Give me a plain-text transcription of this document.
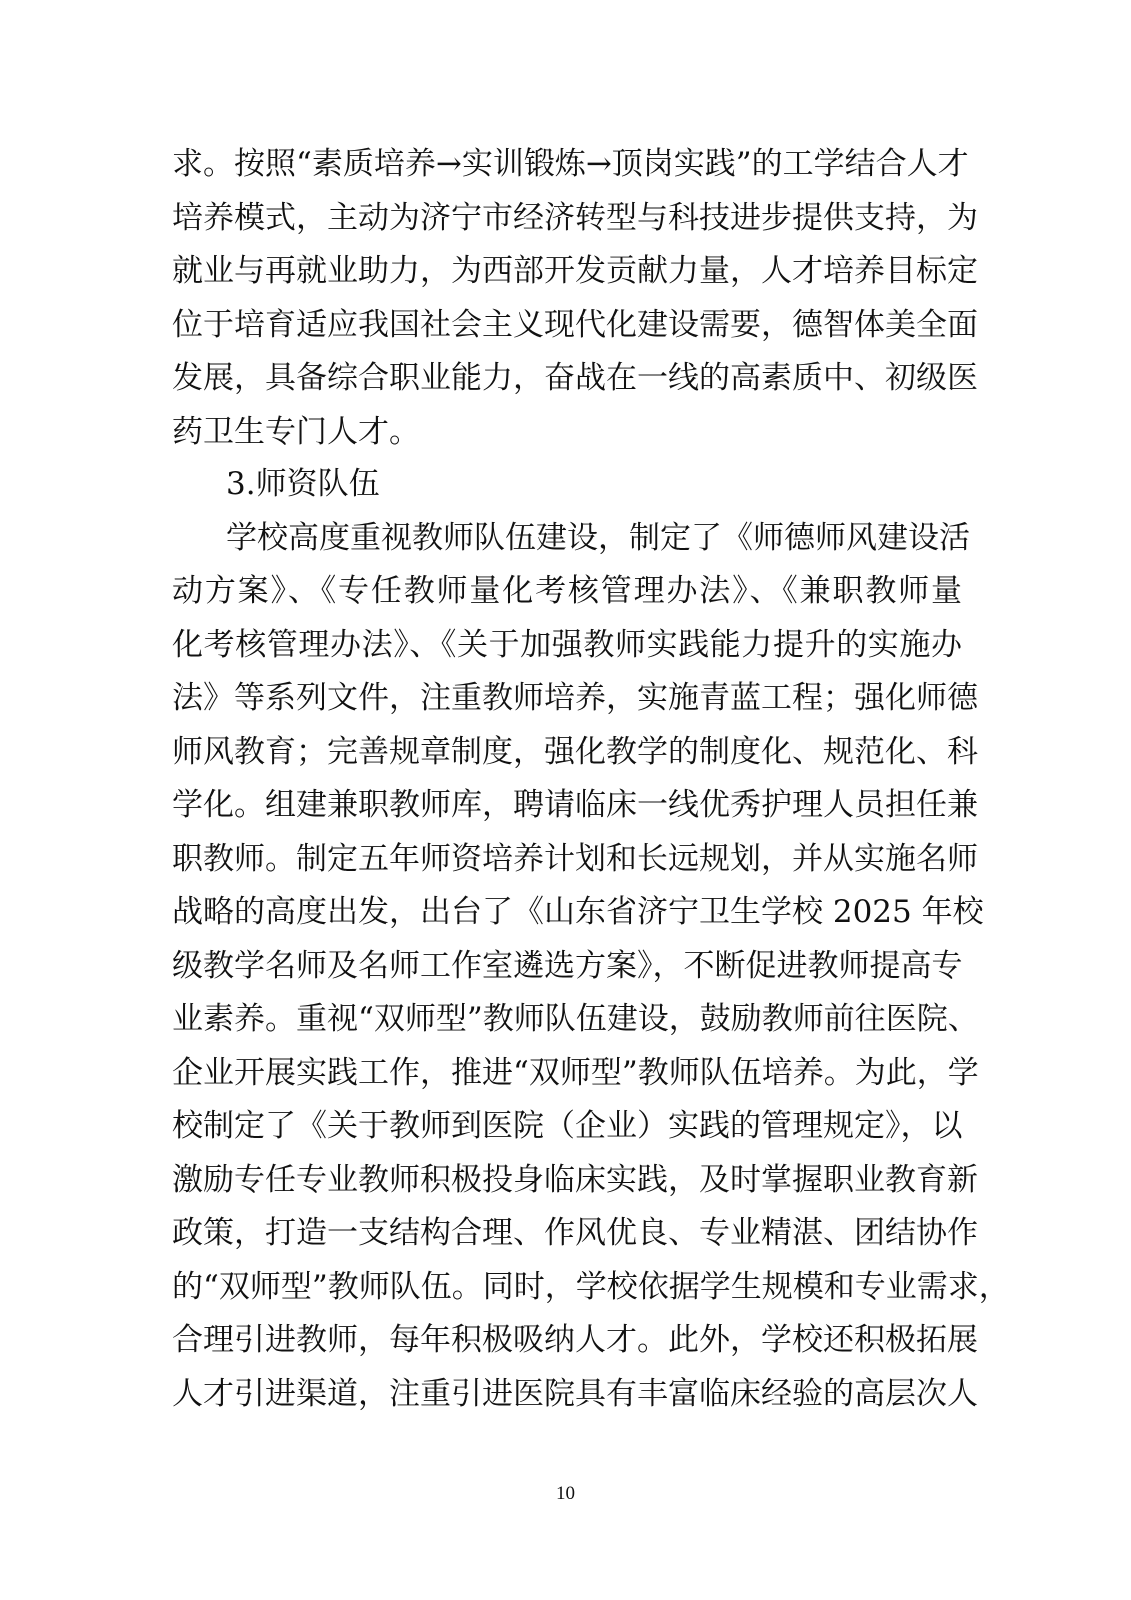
求。按照“素质培养→实训锻炼→顶岗实践”的工学结合人才
培养模式，主动为济宁市经济转型与科技进步提供支持，为
就业与再就业助力，为西部开发贡献力量，人才培养目标定
位于培育适应我国社会主义现代化建设需要，德智体美全面
发展，具备综合职业能力，奋战在一线的高素质中、初级医
药卫生专门人才。
3.师资队伍
学校高度重视教师队伍建设，制定了《师德师风建设活
动方案》、《专任教师量化考核管理办法》、《兼职教师量
化考核管理办法》、《关于加强教师实践能力提升的实施办
法》等系列文件，注重教师培养，实施青蓝工程；强化师德
师风教育；完善规章制度，强化教学的制度化、规范化、科
学化。组建兼职教师库，聘请临床一线优秀护理人员担任兼
职教师。制定五年师资培养计划和长远规划，并从实施名师
战略的高度出发，出台了《山东省济宁卫生学校 2025 年校
级教学名师及名师工作室遴选方案》，不断促进教师提高专
业素养。重视“双师型”教师队伍建设，鼓励教师前往医院、
企业开展实践工作，推进“双师型”教师队伍培养。为此，学
校制定了《关于教师到医院（企业）实践的管理规定》，以
激励专任专业教师积极投身临床实践，及时掌握职业教育新
政策，打造一支结构合理、作风优良、专业精湛、团结协作
的“双师型”教师队伍。同时，学校依据学生规模和专业需求，
合理引进教师，每年积极吸纳人才。此外，学校还积极拓展
人才引进渠道，注重引进医院具有丰富临床经验的高层次人
10
